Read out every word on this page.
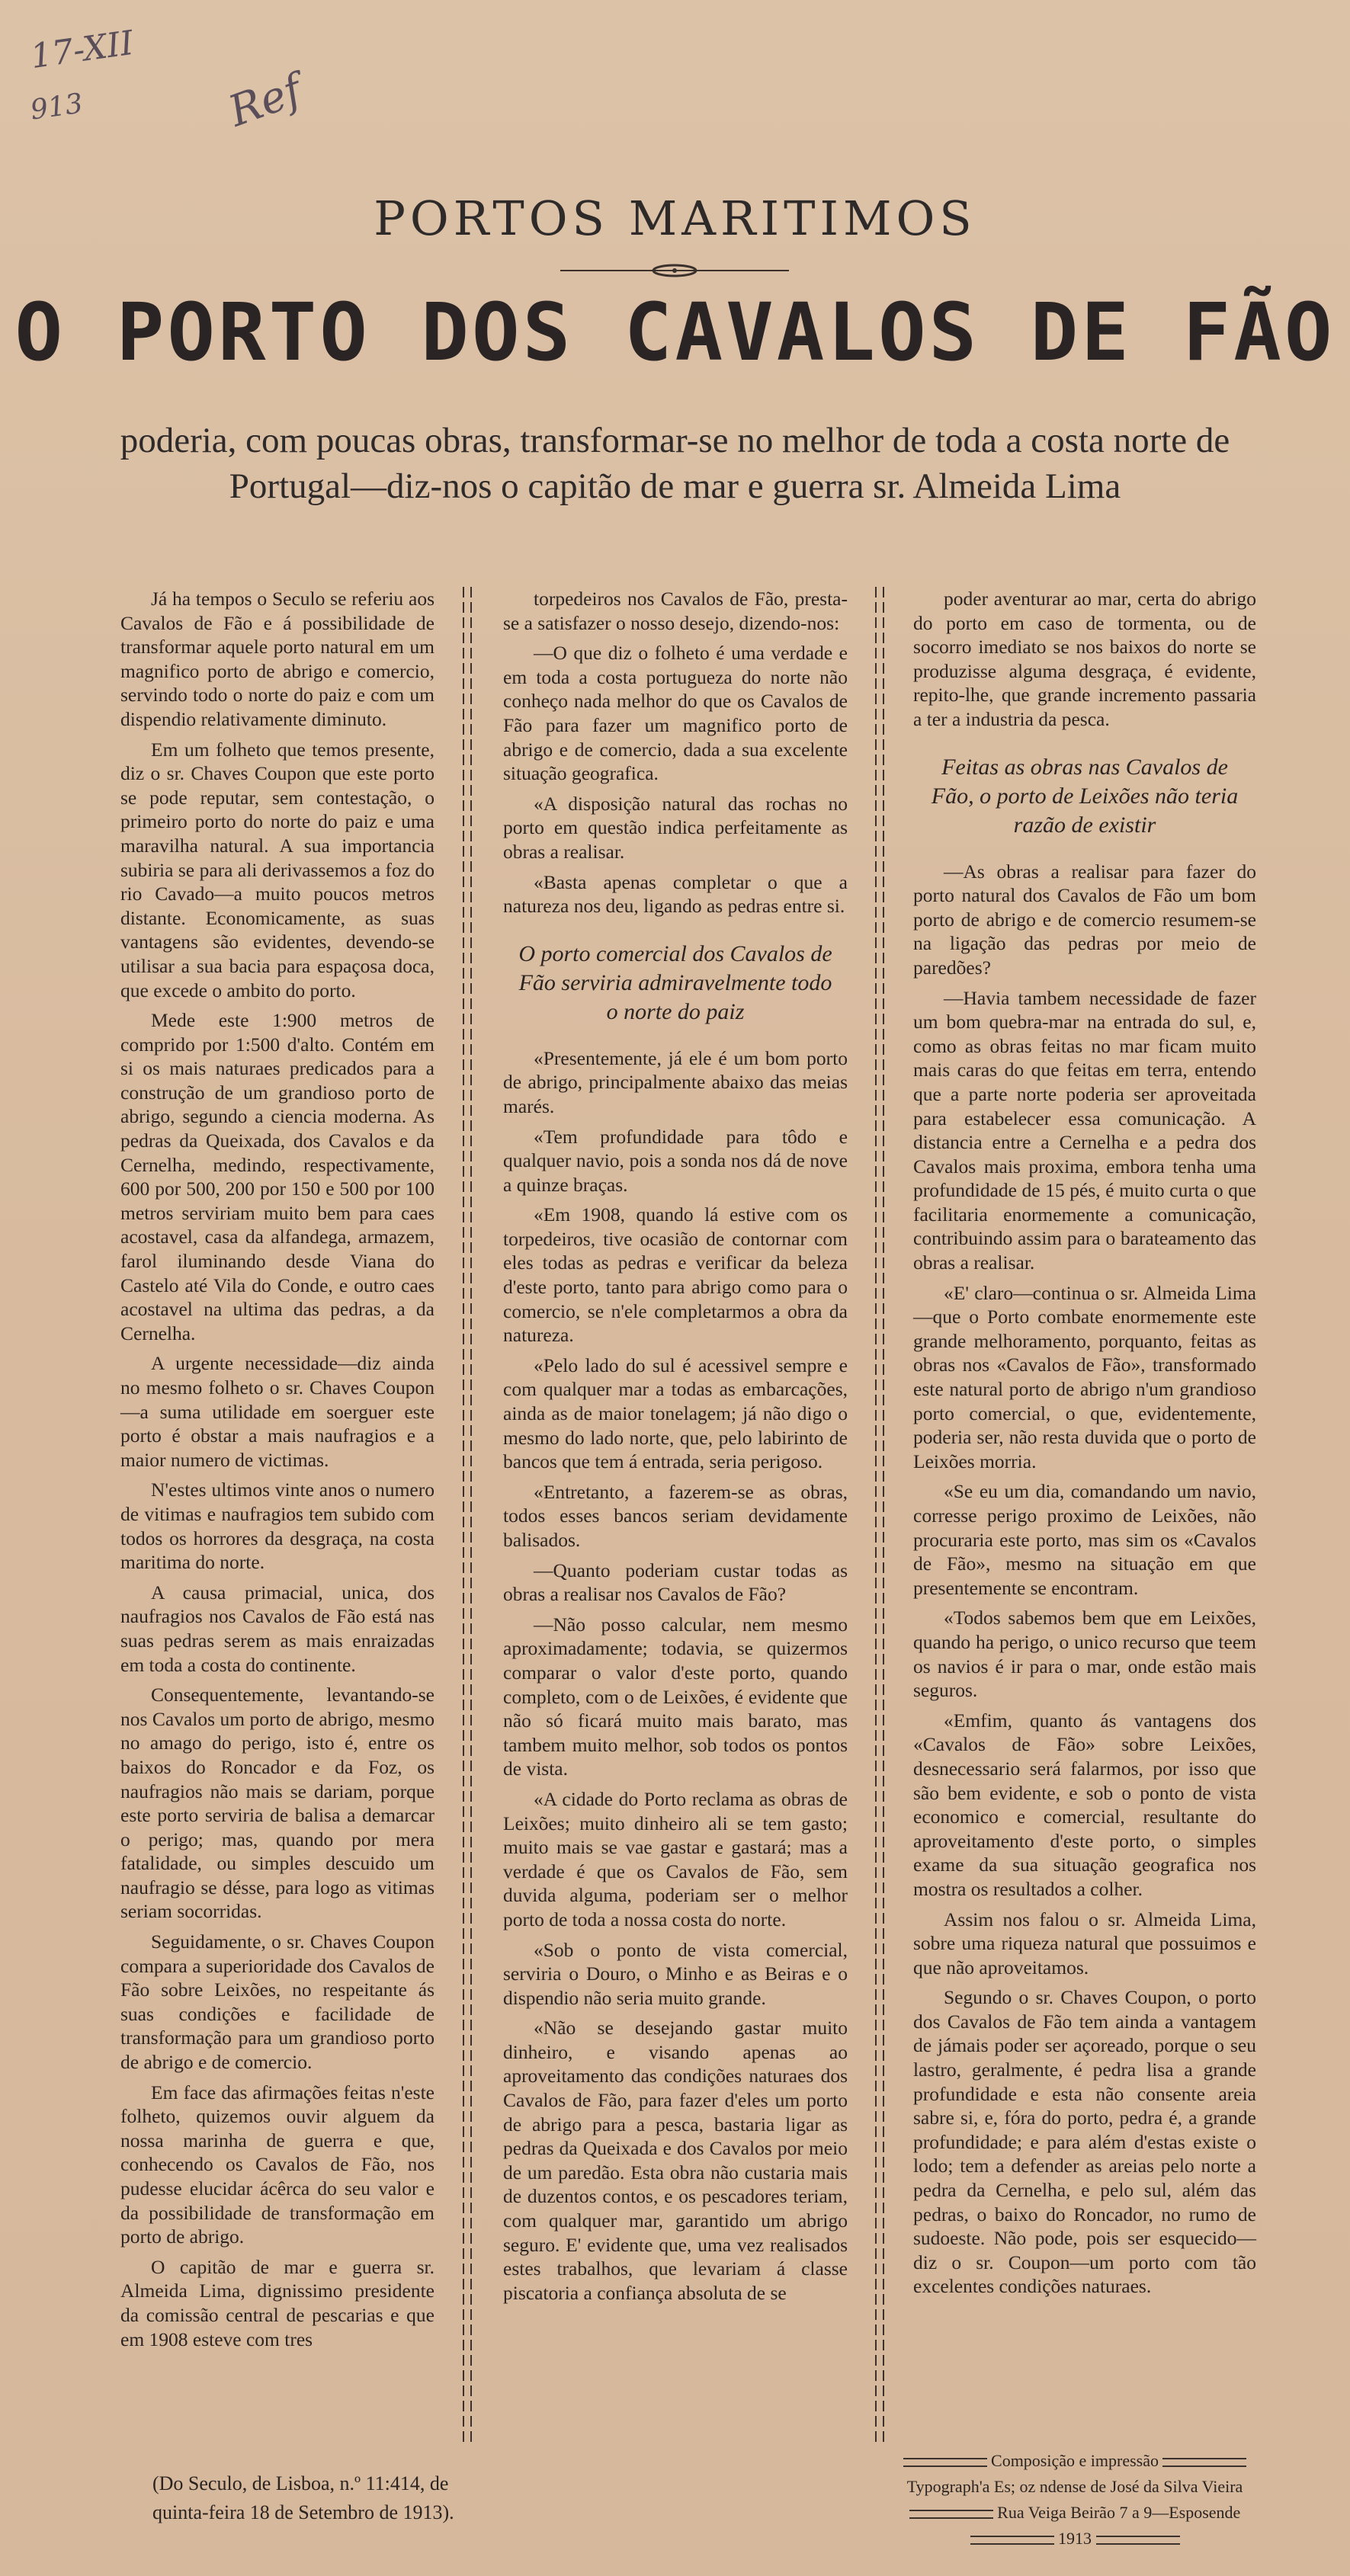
17-XII
913	Ref
PORTOS MARITIMOS
O PORTO DOS CAVALOS DE FÃO
poderia, com poucas obras, transformar-se no melhor de toda a costa norte de Portugal—diz-nos o capitão de mar e guerra sr. Almeida Lima

Já ha tempos o Seculo se referiu aos Cavalos de Fão e á possibilidade de transformar aquele porto natural em um magnifico porto de abrigo e comercio, servindo todo o norte do paiz e com um dispendio relativamente diminuto.

Em um folheto que temos presente, diz o sr. Chaves Coupon que este porto se pode reputar, sem contestação, o primeiro porto do norte do paiz e uma maravilha natural. A sua importancia subiria se para ali derivassemos a foz do rio Cavado—a muito poucos metros distante. Economicamente, as suas vantagens são evidentes, devendo-se utilisar a sua bacia para espaçosa doca, que excede o ambito do porto.

Mede este 1:900 metros de comprido por 1:500 d'alto. Contém em si os mais naturaes predicados para a construção de um grandioso porto de abrigo, segundo a ciencia moderna. As pedras da Queixada, dos Cavalos e da Cernelha, medindo, respectivamente, 600 por 500, 200 por 150 e 500 por 100 metros serviriam muito bem para caes acostavel, casa da alfandega, armazem, farol iluminando desde Viana do Castelo até Vila do Conde, e outro caes acostavel na ultima das pedras, a da Cernelha.

A urgente necessidade—diz ainda no mesmo folheto o sr. Chaves Coupon—a suma utilidade em soerguer este porto é obstar a mais naufragios e a maior numero de victimas.

N'estes ultimos vinte anos o numero de vitimas e naufragios tem subido com todos os horrores da desgraça, na costa maritima do norte.

A causa primacial, unica, dos naufragios nos Cavalos de Fão está nas suas pedras serem as mais enraizadas em toda a costa do continente.

Consequentemente, levantando-se nos Cavalos um porto de abrigo, mesmo no amago do perigo, isto é, entre os baixos do Roncador e da Foz, os naufragios não mais se dariam, porque este porto serviria de balisa a demarcar o perigo; mas, quando por mera fatalidade, ou simples descuido um naufragio se désse, para logo as vitimas seriam socorridas.

Seguidamente, o sr. Chaves Coupon compara a superioridade dos Cavalos de Fão sobre Leixões, no respeitante ás suas condições e facilidade de transformação para um grandioso porto de abrigo e de comercio.

Em face das afirmações feitas n'este folheto, quizemos ouvir alguem da nossa marinha de guerra e que, conhecendo os Cavalos de Fão, nos pudesse elucidar ácêrca do seu valor e da possibilidade de transformação em porto de abrigo.

O capitão de mar e guerra sr. Almeida Lima, dignissimo presidente da comissão central de pescarias e que em 1908 esteve com tres

torpedeiros nos Cavalos de Fão, presta-se a satisfazer o nosso desejo, dizendo-nos:

—O que diz o folheto é uma verdade e em toda a costa portugueza do norte não conheço nada melhor do que os Cavalos de Fão para fazer um magnifico porto de abrigo e de comercio, dada a sua excelente situação geografica.

«A disposição natural das rochas no porto em questão indica perfeitamente as obras a realisar.

«Basta apenas completar o que a natureza nos deu, ligando as pedras entre si.

O porto comercial dos Cavalos de Fão serviria admiravelmente todo o norte do paiz

«Presentemente, já ele é um bom porto de abrigo, principalmente abaixo das meias marés.

«Tem profundidade para tôdo e qualquer navio, pois a sonda nos dá de nove a quinze braças.

«Em 1908, quando lá estive com os torpedeiros, tive ocasião de contornar com eles todas as pedras e verificar da beleza d'este porto, tanto para abrigo como para o comercio, se n'ele completarmos a obra da natureza.

«Pelo lado do sul é acessivel sempre e com qualquer mar a todas as embarcações, ainda as de maior tonelagem; já não digo o mesmo do lado norte, que, pelo labirinto de bancos que tem á entrada, seria perigoso.

«Entretanto, a fazerem-se as obras, todos esses bancos seriam devidamente balisados.

—Quanto poderiam custar todas as obras a realisar nos Cavalos de Fão?

—Não posso calcular, nem mesmo aproximadamente; todavia, se quizermos comparar o valor d'este porto, quando completo, com o de Leixões, é evidente que não só ficará muito mais barato, mas tambem muito melhor, sob todos os pontos de vista.

«A cidade do Porto reclama as obras de Leixões; muito dinheiro ali se tem gasto; muito mais se vae gastar e gastará; mas a verdade é que os Cavalos de Fão, sem duvida alguma, poderiam ser o melhor porto de toda a nossa costa do norte.

«Sob o ponto de vista comercial, serviria o Douro, o Minho e as Beiras e o dispendio não seria muito grande.

«Não se desejando gastar muito dinheiro, e visando apenas ao aproveitamento das condições naturaes dos Cavalos de Fão, para fazer d'eles um porto de abrigo para a pesca, bastaria ligar as pedras da Queixada e dos Cavalos por meio de um paredão. Esta obra não custaria mais de duzentos contos, e os pescadores teriam, com qualquer mar, garantido um abrigo seguro. E' evidente que, uma vez realisados estes trabalhos, que levariam á classe piscatoria a confiança absoluta de se

poder aventurar ao mar, certa do abrigo do porto em caso de tormenta, ou de socorro imediato se nos baixos do norte se produzisse alguma desgraça, é evidente, repito-lhe, que grande incremento passaria a ter a industria da pesca.

Feitas as obras nas Cavalos de Fão, o porto de Leixões não teria razão de existir

—As obras a realisar para fazer do porto natural dos Cavalos de Fão um bom porto de abrigo e de comercio resumem-se na ligação das pedras por meio de paredões?

—Havia tambem necessidade de fazer um bom quebra-mar na entrada do sul, e, como as obras feitas no mar ficam muito mais caras do que feitas em terra, entendo que a parte norte poderia ser aproveitada para estabelecer essa comunicação. A distancia entre a Cernelha e a pedra dos Cavalos mais proxima, embora tenha uma profundidade de 15 pés, é muito curta o que facilitaria enormemente a comunicação, contribuindo assim para o barateamento das obras a realisar.

«E' claro—continua o sr. Almeida Lima—que o Porto combate enormemente este grande melhoramento, porquanto, feitas as obras nos «Cavalos de Fão», transformado este natural porto de abrigo n'um grandioso porto comercial, o que, evidentemente, poderia ser, não resta duvida que o porto de Leixões morria.

«Se eu um dia, comandando um navio, corresse perigo proximo de Leixões, não procuraria este porto, mas sim os «Cavalos de Fão», mesmo na situação em que presentemente se encontram.

«Todos sabemos bem que em Leixões, quando ha perigo, o unico recurso que teem os navios é ir para o mar, onde estão mais seguros.

«Emfim, quanto ás vantagens dos «Cavalos de Fão» sobre Leixões, desnecessario será falarmos, por isso que são bem evidente, e sob o ponto de vista economico e comercial, resultante do aproveitamento d'este porto, o simples exame da sua situação geografica nos mostra os resultados a colher.

Assim nos falou o sr. Almeida Lima, sobre uma riqueza natural que possuimos e que não aproveitamos.

Segundo o sr. Chaves Coupon, o porto dos Cavalos de Fão tem ainda a vantagem de jámais poder ser açoreado, porque o seu lastro, geralmente, é pedra lisa a grande profundidade e esta não consente areia sabre si, e, fóra do porto, pedra é, a grande profundidade; e para além d'estas existe o lodo; tem a defender as areias pelo norte a pedra da Cernelha, e pelo sul, além das pedras, o baixo do Roncador, no rumo de sudoeste. Não pode, pois ser esquecido—diz o sr. Coupon—um porto com tão excelentes condições naturaes.

(Do Seculo, de Lisboa, n.º 11:414, de quinta-feira 18 de Setembro de 1913).
Composição e impressão
Typograph'a Es; oz ndense de José da Silva Vieira
Rua Veiga Beirão 7 a 9—Esposende
1913
